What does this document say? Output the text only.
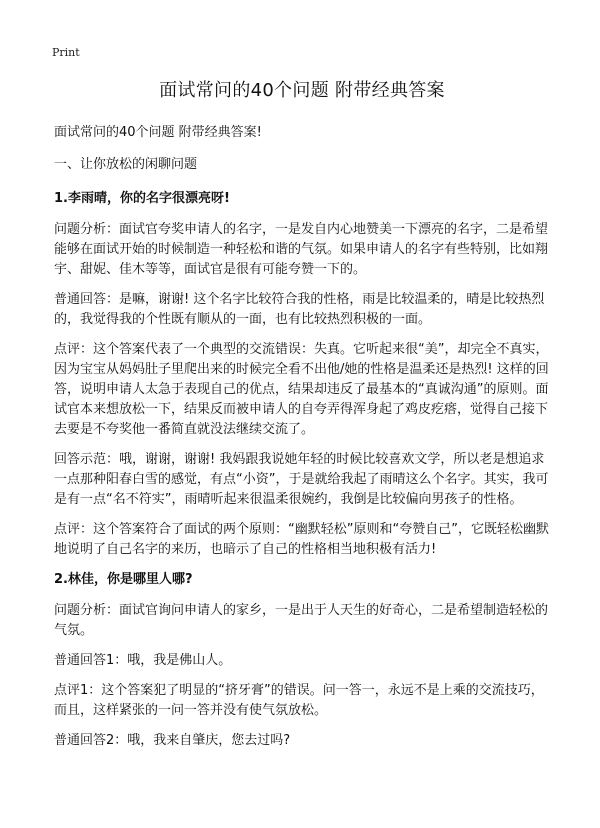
Print
面试常问的40个问题 附带经典答案
面试常问的40个问题 附带经典答案!
一、让你放松的闲聊问题
1.李雨晴，你的名字很漂亮呀!
问题分析：面试官夸奖申请人的名字，一是发自内心地赞美一下漂亮的名字，二是希望能够在面试开始的时候制造一种轻松和谐的气氛。如果申请人的名字有些特别，比如翔宇、甜妮、佳木等等，面试官是很有可能夸赞一下的。
普通回答：是嘛，谢谢! 这个名字比较符合我的性格，雨是比较温柔的，晴是比较热烈的，我觉得我的个性既有顺从的一面，也有比较热烈积极的一面。
点评：这个答案代表了一个典型的交流错误：失真。它听起来很“美”，却完全不真实，因为宝宝从妈妈肚子里爬出来的时候完全看不出他/她的性格是温柔还是热烈! 这样的回答，说明申请人太急于表现自己的优点，结果却违反了最基本的“真诚沟通”的原则。面试官本来想放松一下，结果反而被申请人的自夸弄得浑身起了鸡皮疙瘩，觉得自己接下去要是不夸奖他一番简直就没法继续交流了。
回答示范：哦，谢谢，谢谢! 我妈跟我说她年轻的时候比较喜欢文学，所以老是想追求一点那种阳春白雪的感觉，有点“小资”，于是就给我起了雨晴这么个名字。其实，我可是有一点“名不符实”，雨晴听起来很温柔很婉约，我倒是比较偏向男孩子的性格。
点评：这个答案符合了面试的两个原则：“幽默轻松”原则和“夸赞自己”，它既轻松幽默地说明了自己名字的来历，也暗示了自己的性格相当地积极有活力!
2.林佳，你是哪里人哪?
问题分析：面试官询问申请人的家乡，一是出于人天生的好奇心，二是希望制造轻松的气氛。
普通回答1：哦，我是佛山人。
点评1：这个答案犯了明显的“挤牙膏”的错误。问一答一，永远不是上乘的交流技巧，而且，这样紧张的一问一答并没有使气氛放松。
普通回答2：哦，我来自肇庆，您去过吗?
